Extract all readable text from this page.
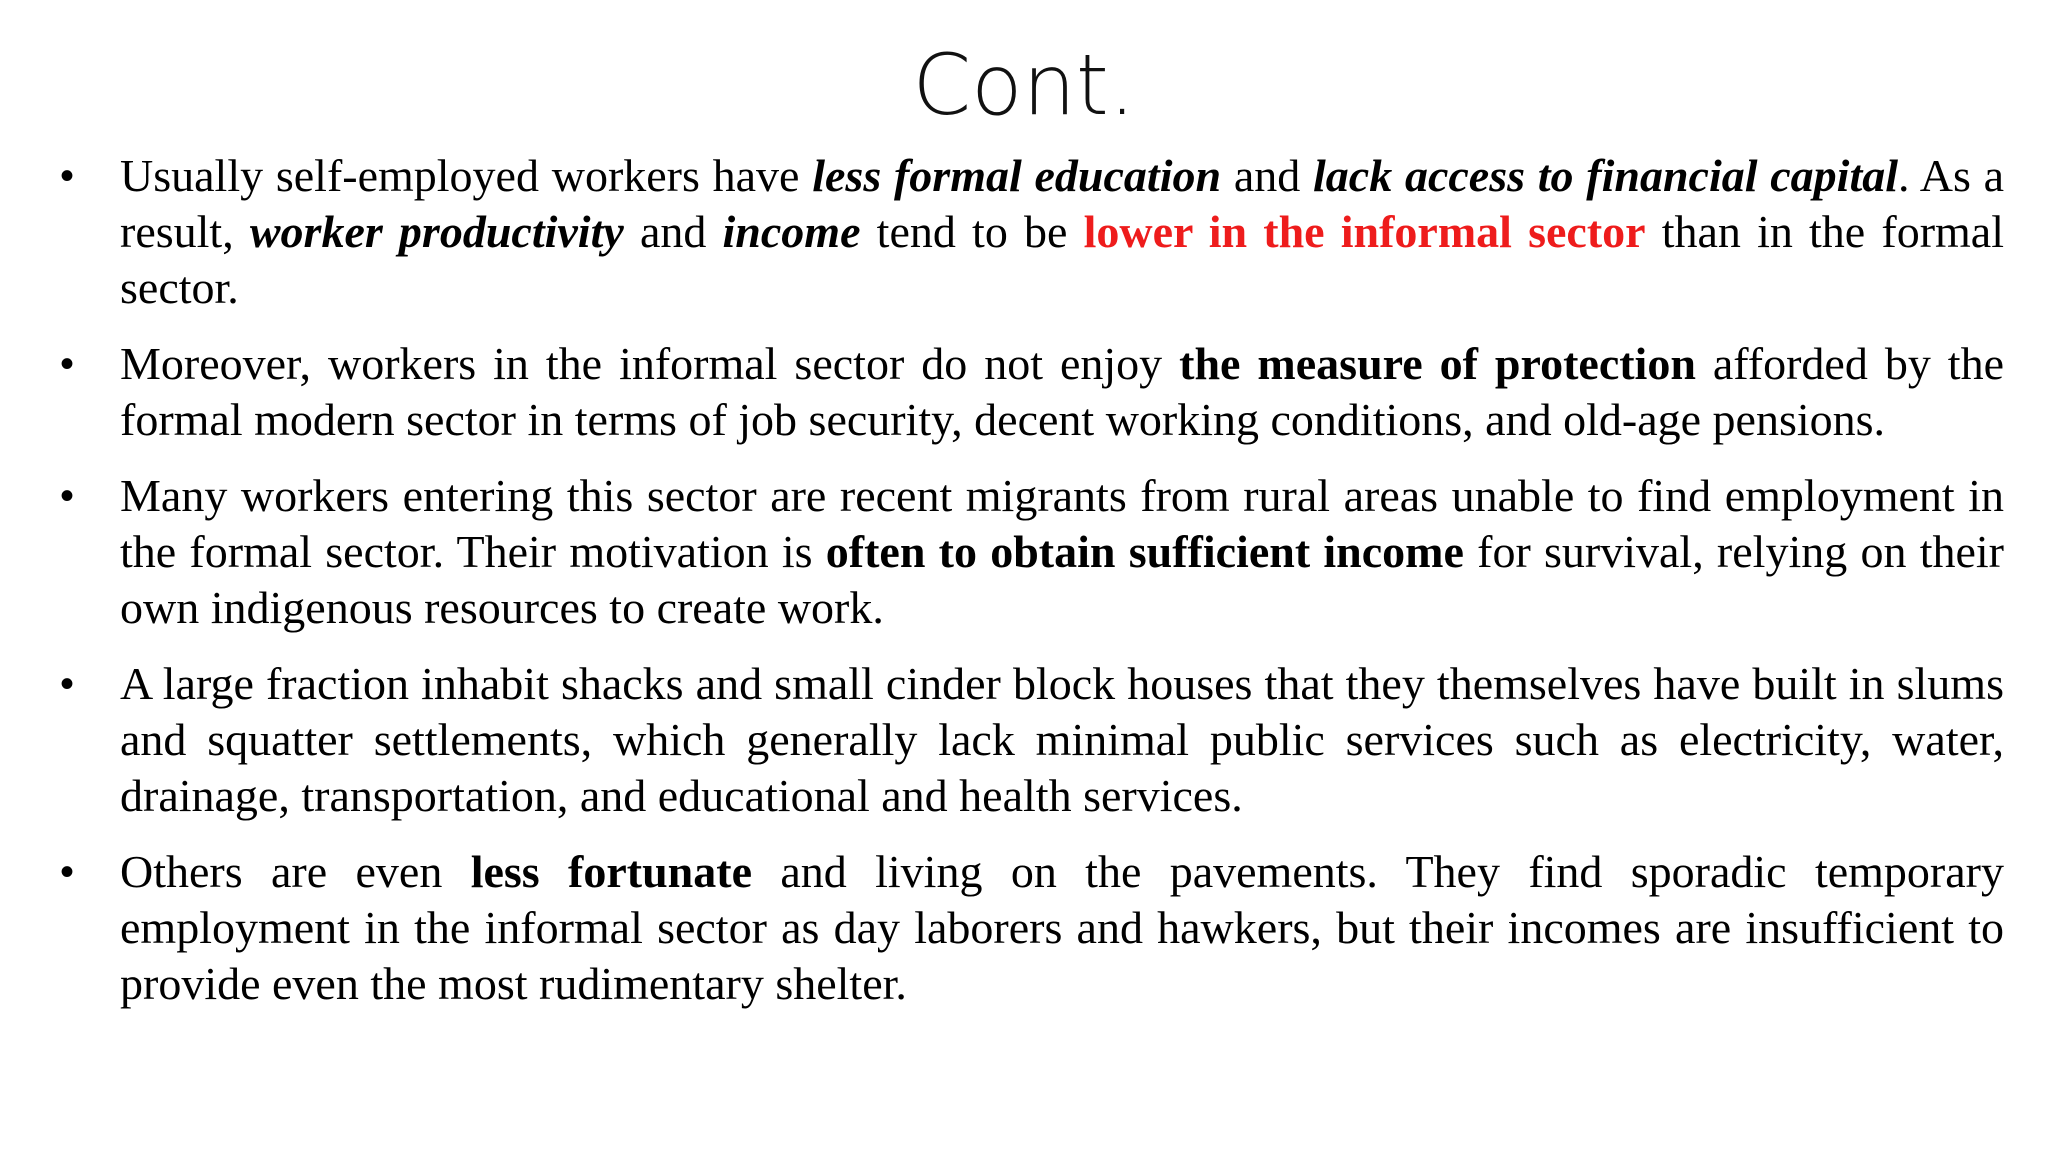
Cont.
• Usually self-employed workers have less formal education and lack access to financial capital. As a result, worker productivity and income tend to be lower in the informal sector than in the formal sector.
• Moreover, workers in the informal sector do not enjoy the measure of protection afforded by the formal modern sector in terms of job security, decent working conditions, and old-age pensions.
• Many workers entering this sector are recent migrants from rural areas unable to find employment in the formal sector. Their motivation is often to obtain sufficient income for survival, relying on their own indigenous resources to create work.
• A large fraction inhabit shacks and small cinder block houses that they themselves have built in slums and squatter settlements, which generally lack minimal public services such as electricity, water, drainage, transportation, and educational and health services.
• Others are even less fortunate and living on the pavements. They find sporadic temporary employment in the informal sector as day laborers and hawkers, but their incomes are insufficient to provide even the most rudimentary shelter.
